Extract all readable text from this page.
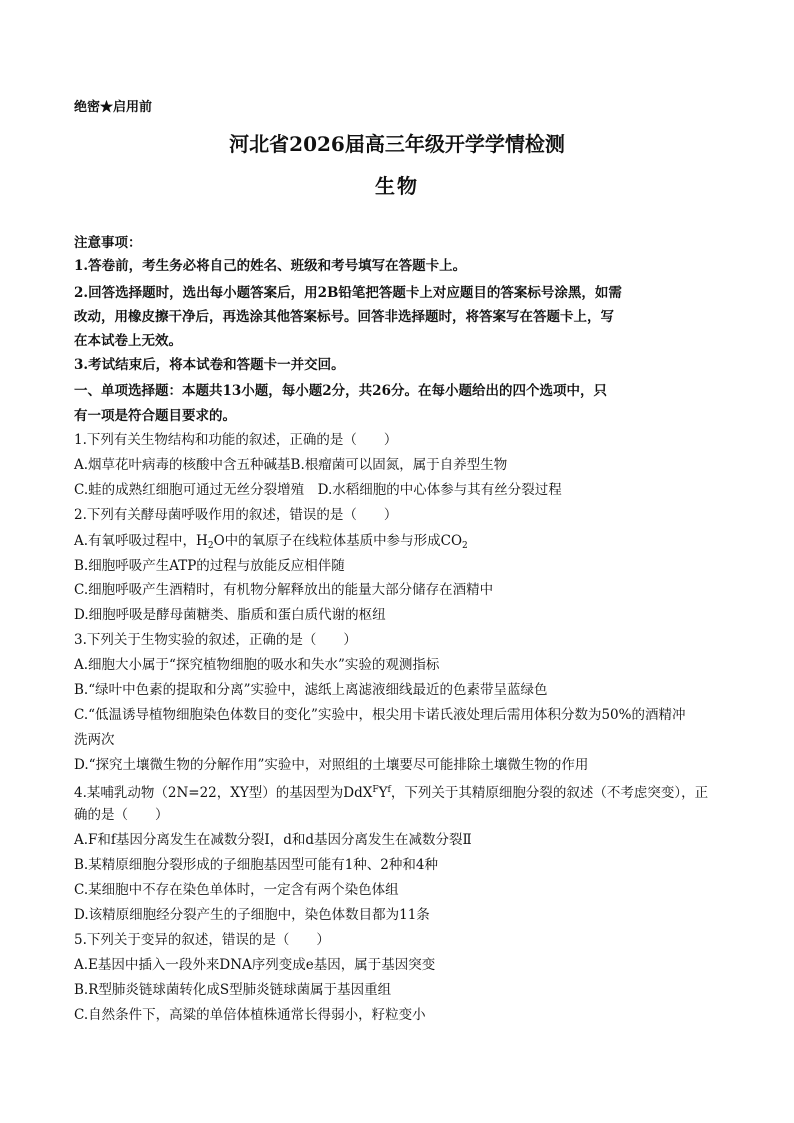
绝密★启用前
河北省2026届高三年级开学学情检测
生物
注意事项：
1.答卷前，考生务必将自己的姓名、班级和考号填写在答题卡上。
2.回答选择题时，选出每小题答案后，用2B铅笔把答题卡上对应题目的答案标号涂黑，如需
改动，用橡皮擦干净后，再选涂其他答案标号。回答非选择题时，将答案写在答题卡上，写
在本试卷上无效。
3.考试结束后，将本试卷和答题卡一并交回。
一、单项选择题：本题共13小题，每小题2分，共26分。在每小题给出的四个选项中，只
有一项是符合题目要求的。
1.下列有关生物结构和功能的叙述，正确的是（　　）
A.烟草花叶病毒的核酸中含五种碱基B.根瘤菌可以固氮，属于自养型生物
C.蛙的成熟红细胞可通过无丝分裂增殖　D.水稻细胞的中心体参与其有丝分裂过程
2.下列有关酵母菌呼吸作用的叙述，错误的是（　　）
A.有氧呼吸过程中，$H_2O$中的氧原子在线粒体基质中参与形成$CO_2$
B.细胞呼吸产生ATP的过程与放能反应相伴随
C.细胞呼吸产生酒精时，有机物分解释放出的能量大部分储存在酒精中
D.细胞呼吸是酵母菌糖类、脂质和蛋白质代谢的枢纽
3.下列关于生物实验的叙述，正确的是（　　）
A.细胞大小属于“探究植物细胞的吸水和失水”实验的观测指标
B.“绿叶中色素的提取和分离”实验中，滤纸上离滤液细线最近的色素带呈蓝绿色
C.“低温诱导植物细胞染色体数目的变化”实验中，根尖用卡诺氏液处理后需用体积分数为50%的酒精冲
洗两次
D.“探究土壤微生物的分解作用”实验中，对照组的土壤要尽可能排除土壤微生物的作用
4.某哺乳动物（2N=22，XY型）的基因型为$DdX^FY^f$，下列关于其精原细胞分裂的叙述（不考虑突变），正
确的是（　　）
A.F和f基因分离发生在减数分裂Ⅰ，d和d基因分离发生在减数分裂Ⅱ
B.某精原细胞分裂形成的子细胞基因型可能有1种、2种和4种
C.某细胞中不存在染色单体时，一定含有两个染色体组
D.该精原细胞经分裂产生的子细胞中，染色体数目都为11条
5.下列关于变异的叙述，错误的是（　　）
A.E基因中插入一段外来DNA序列变成e基因，属于基因突变
B.R型肺炎链球菌转化成S型肺炎链球菌属于基因重组
C.自然条件下，高粱的单倍体植株通常长得弱小，籽粒变小
